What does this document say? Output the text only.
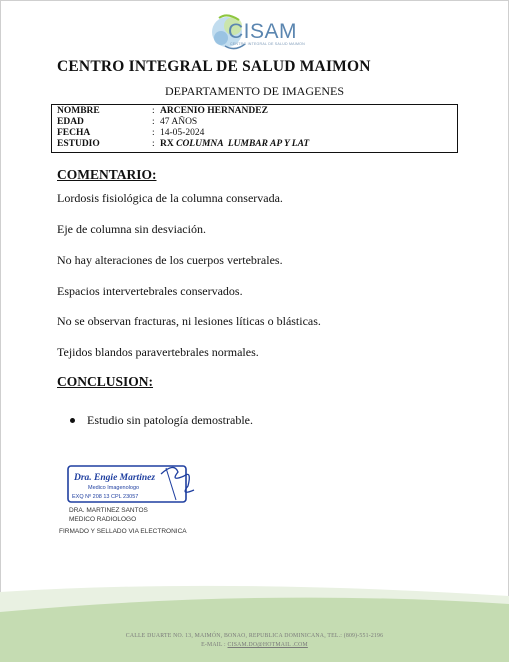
CISAM
CENTRO INTEGRAL DE SALUD MAIMON
CENTRO INTEGRAL DE SALUD MAIMON
DEPARTAMENTO DE IMAGENES
NOMBRE	: ARCENIO HERNANDEZ
EDAD	: 47 AÑOS
FECHA	: 14-05-2024
ESTUDIO	: RX COLUMNA  LUMBAR AP Y LAT
COMENTARIO:
Lordosis fisiológica de la columna conservada.
Eje de columna sin desviación.
No hay alteraciones de los cuerpos vertebrales.
Espacios intervertebrales conservados.
No se observan fracturas, ni lesiones líticas o blásticas.
Tejidos blandos paravertebrales normales.
CONCLUSION:
Estudio sin patología demostrable.
Dra. Engie Martinez
Medico Imagenologo
EXQ Nº 208 13 CPL 23057
DRA. MARTINEZ SANTOS
MEDICO RADIOLOGO
FIRMADO Y SELLADO VIA ELECTRONICA
CALLE DUARTE NO. 13, MAIMÓN, BONAO, REPUBLICA DOMINICANA, TEL.: (809)-551-2196
E-MAIL : CISAM.DO@HOTMAIL .COM
